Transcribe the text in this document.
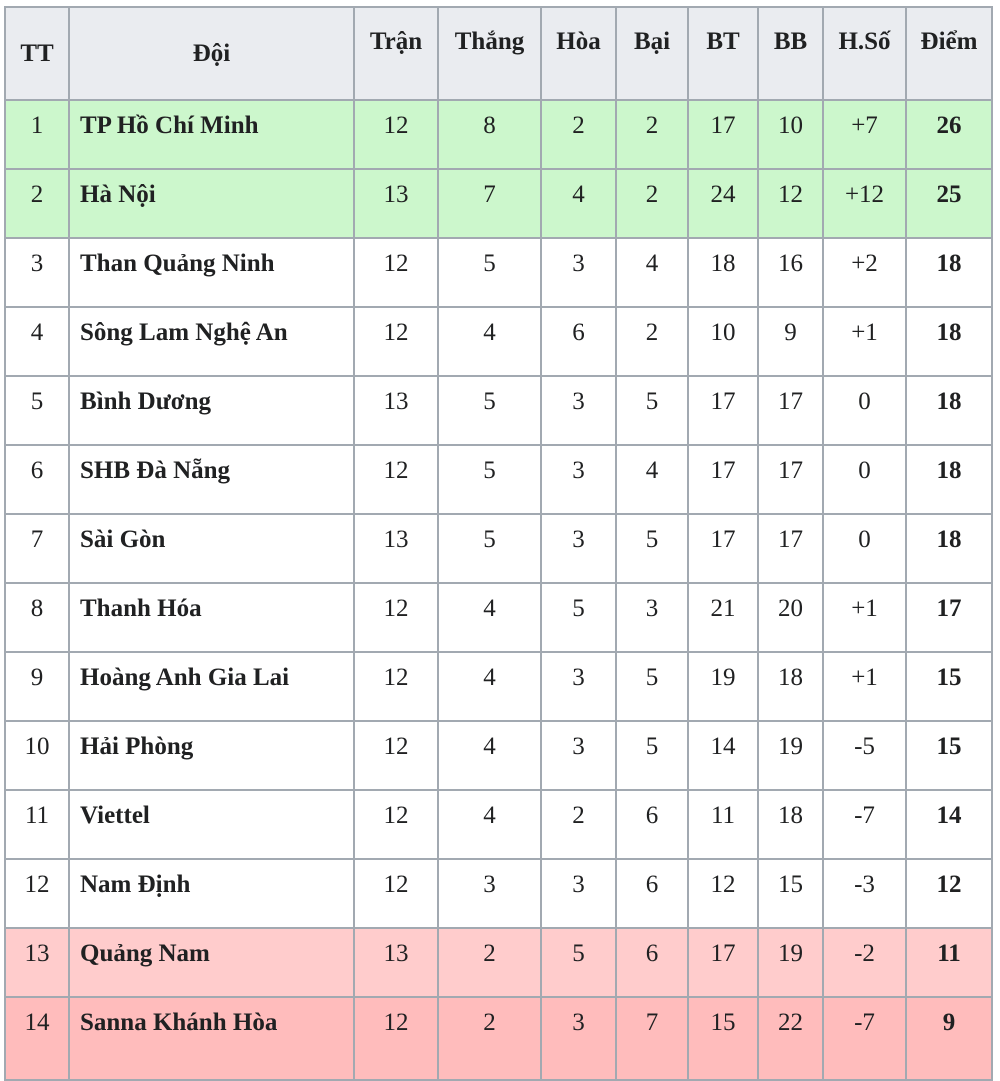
TT	Đội	Trận	Thắng	Hòa	Bại	BT	BB	H.Số	Điểm
1	TP Hồ Chí Minh	12	8	2	2	17	10	+7	26
2	Hà Nội	13	7	4	2	24	12	+12	25
3	Than Quảng Ninh	12	5	3	4	18	16	+2	18
4	Sông Lam Nghệ An	12	4	6	2	10	9	+1	18
5	Bình Dương	13	5	3	5	17	17	0	18
6	SHB Đà Nẵng	12	5	3	4	17	17	0	18
7	Sài Gòn	13	5	3	5	17	17	0	18
8	Thanh Hóa	12	4	5	3	21	20	+1	17
9	Hoàng Anh Gia Lai	12	4	3	5	19	18	+1	15
10	Hải Phòng	12	4	3	5	14	19	-5	15
11	Viettel	12	4	2	6	11	18	-7	14
12	Nam Định	12	3	3	6	12	15	-3	12
13	Quảng Nam	13	2	5	6	17	19	-2	11
14	Sanna Khánh Hòa	12	2	3	7	15	22	-7	9
